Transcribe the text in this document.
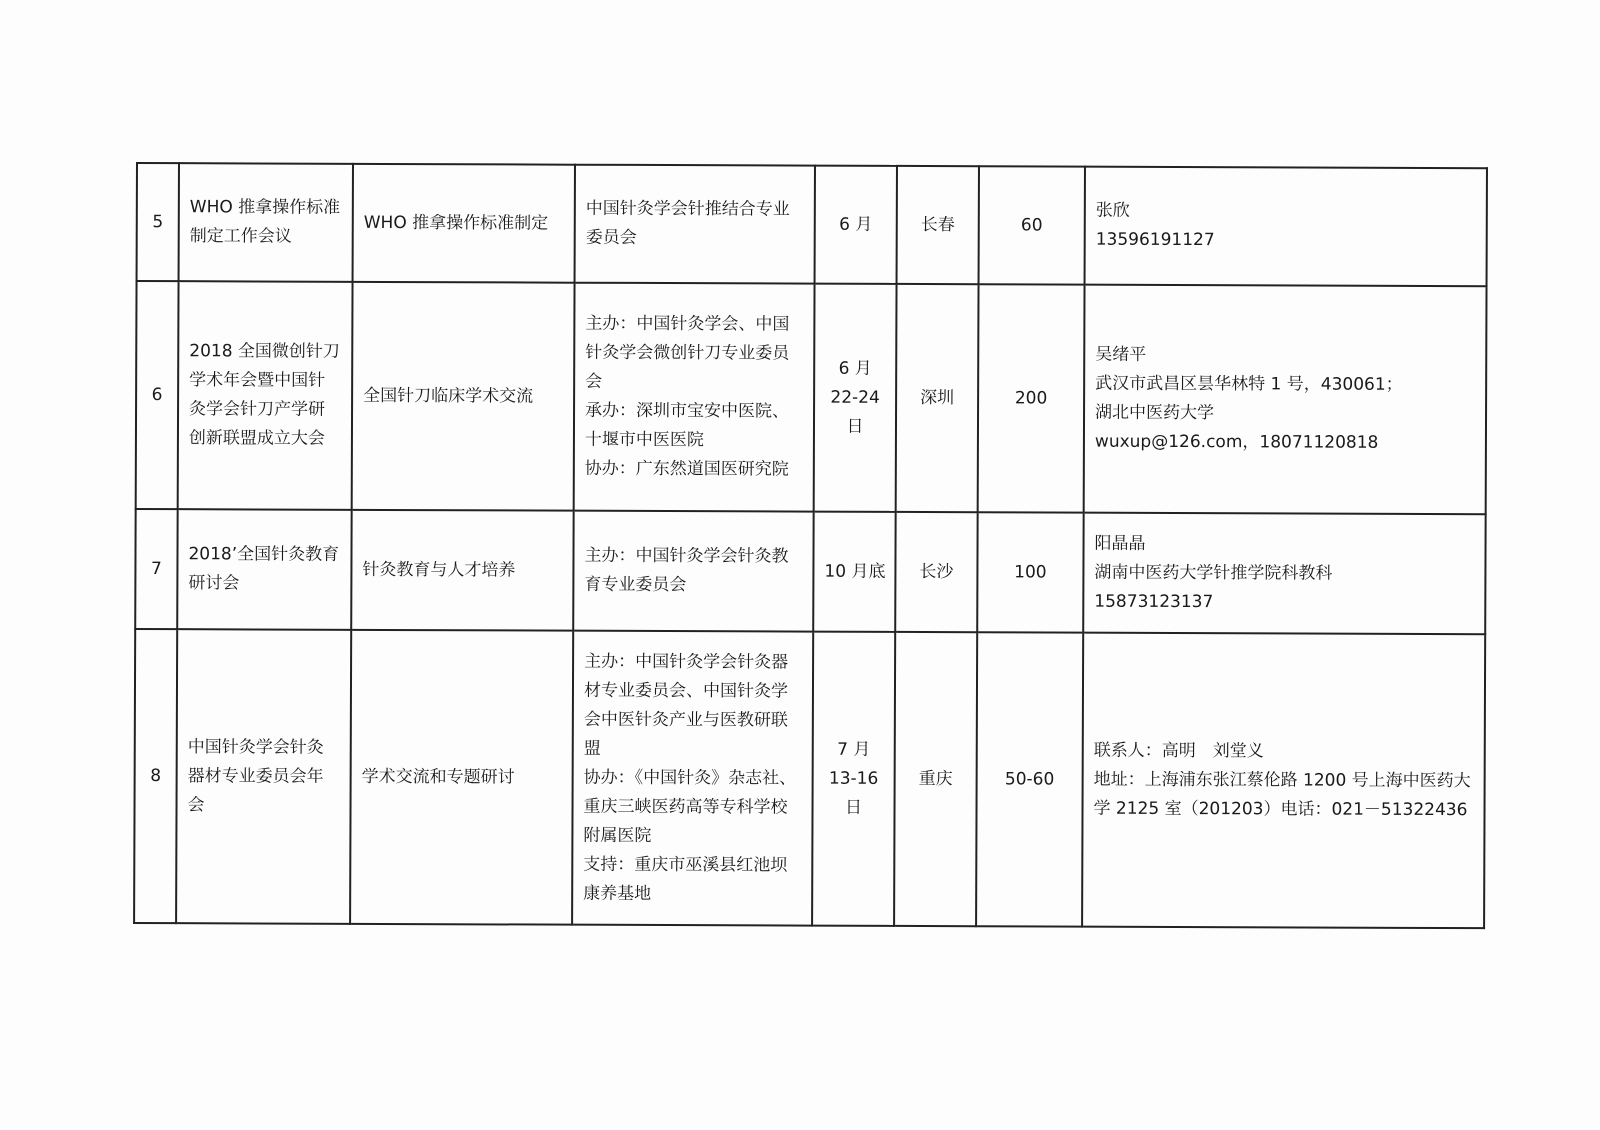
5	WHO 推拿操作标准制定工作会议	WHO 推拿操作标准制定	中国针灸学会针推结合专业委员会	6 月	长春	60	张欣
13596191127

6	2018 全国微创针刀学术年会暨中国针灸学会针刀产学研创新联盟成立大会	全国针刀临床学术交流	主办：中国针灸学会、中国针灸学会微创针刀专业委员会
承办：深圳市宝安中医院、十堰市中医医院
协办：广东然道国医研究院	6 月
22-24
日	深圳	200	吴绪平
武汉市武昌区昙华林特 1 号，430061；
湖北中医药大学
wuxup@126.com，18071120818

7	2018’全国针灸教育研讨会	针灸教育与人才培养	主办：中国针灸学会针灸教育专业委员会	10 月底	长沙	100	阳晶晶
湖南中医药大学针推学院科教科
15873123137

8	中国针灸学会针灸器材专业委员会年会	学术交流和专题研讨	主办：中国针灸学会针灸器材专业委员会、中国针灸学会中医针灸产业与医教研联盟
协办：《中国针灸》杂志社、重庆三峡医药高等专科学校附属医院
支持：重庆市巫溪县红池坝康养基地	7 月
13-16
日	重庆	50-60	联系人：高明　刘堂义
地址：上海浦东张江蔡伦路 1200 号上海中医药大学 2125 室（201203）电话：021－51322436
